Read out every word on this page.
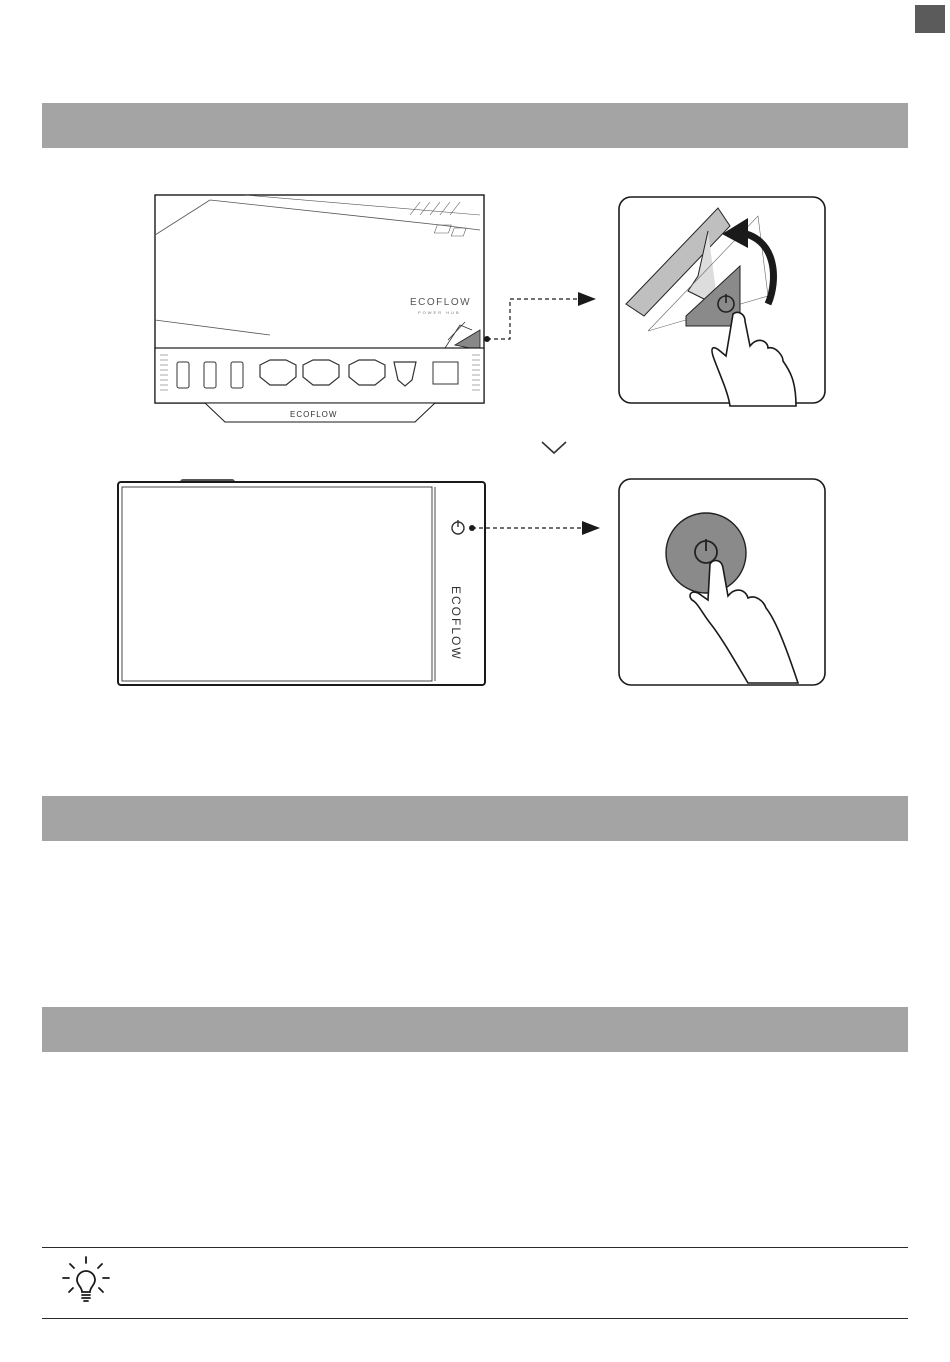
ECOFLOW
POWER HUB
ECOFLOW
ECOFLOW
